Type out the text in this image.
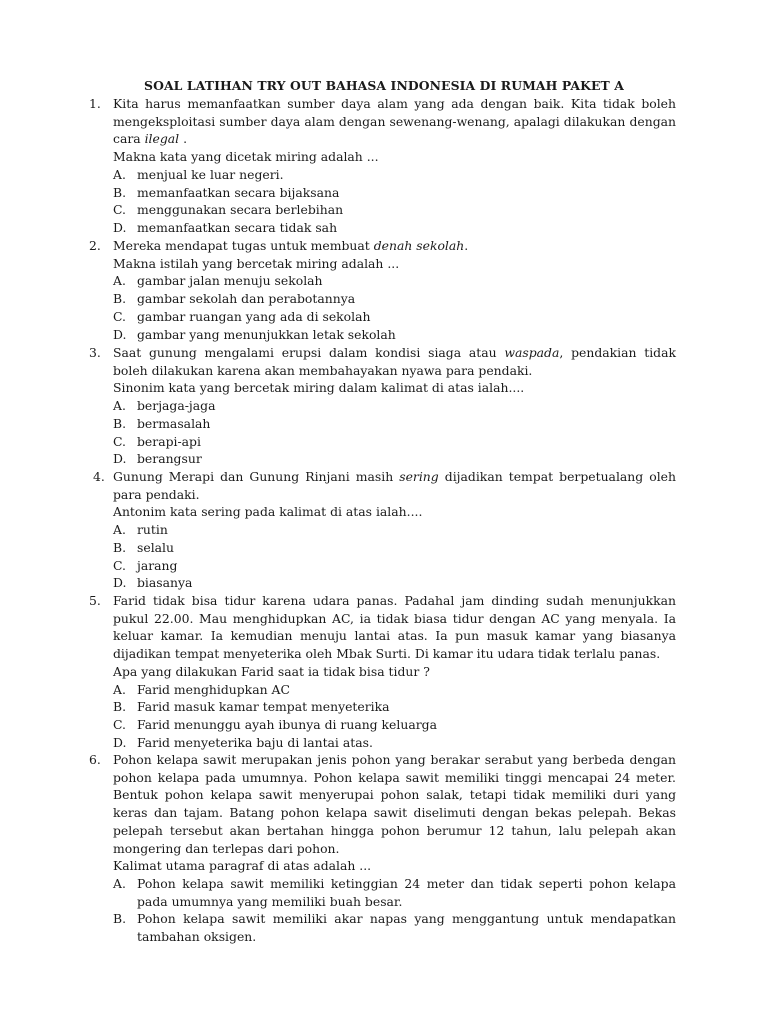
SOAL LATIHAN TRY OUT BAHASA INDONESIA DI RUMAH PAKET A
1. Kita harus memanfaatkan sumber daya alam yang ada dengan baik. Kita tidak boleh mengeksploitasi sumber daya alam dengan sewenang-wenang, apalagi dilakukan dengan cara ilegal .
Makna kata yang dicetak miring adalah ...
A. menjual ke luar negeri.
B. memanfaatkan secara bijaksana
C. menggunakan secara berlebihan
D. memanfaatkan secara tidak sah
2. Mereka mendapat tugas untuk membuat denah sekolah.
Makna istilah yang bercetak miring adalah ...
A. gambar jalan menuju sekolah
B. gambar sekolah dan perabotannya
C. gambar ruangan yang ada di sekolah
D. gambar yang menunjukkan letak sekolah
3. Saat gunung mengalami erupsi dalam kondisi siaga atau waspada, pendakian tidak boleh dilakukan karena akan membahayakan nyawa para pendaki.
Sinonim kata yang bercetak miring dalam kalimat di atas ialah....
A. berjaga-jaga
B. bermasalah
C. berapi-api
D. berangsur
4. Gunung Merapi dan Gunung Rinjani masih sering dijadikan tempat berpetualang oleh para pendaki.
Antonim kata sering pada kalimat di atas ialah....
A. rutin
B. selalu
C. jarang
D. biasanya
5. Farid tidak bisa tidur karena udara panas. Padahal jam dinding sudah menunjukkan pukul 22.00. Mau menghidupkan AC, ia tidak biasa tidur dengan AC yang menyala. Ia keluar kamar. Ia kemudian menuju lantai atas. Ia pun masuk kamar yang biasanya dijadikan tempat menyeterika oleh Mbak Surti. Di kamar itu udara tidak terlalu panas.
Apa yang dilakukan Farid saat ia tidak bisa tidur ?
A. Farid menghidupkan AC
B. Farid masuk kamar tempat menyeterika
C. Farid menunggu ayah ibunya di ruang keluarga
D. Farid menyeterika baju di lantai atas.
6. Pohon kelapa sawit merupakan jenis pohon yang berakar serabut yang berbeda dengan pohon kelapa pada umumnya. Pohon kelapa sawit memiliki tinggi mencapai 24 meter. Bentuk pohon kelapa sawit menyerupai pohon salak, tetapi tidak memiliki duri yang keras dan tajam. Batang pohon kelapa sawit diselimuti dengan bekas pelepah. Bekas pelepah tersebut akan bertahan hingga pohon berumur 12 tahun, lalu pelepah akan mongering dan terlepas dari pohon.
Kalimat utama paragraf di atas adalah ...
A. Pohon kelapa sawit memiliki ketinggian 24 meter dan tidak seperti pohon kelapa pada umumnya yang memiliki buah besar.
B. Pohon kelapa sawit memiliki akar napas yang menggantung untuk mendapatkan tambahan oksigen.
